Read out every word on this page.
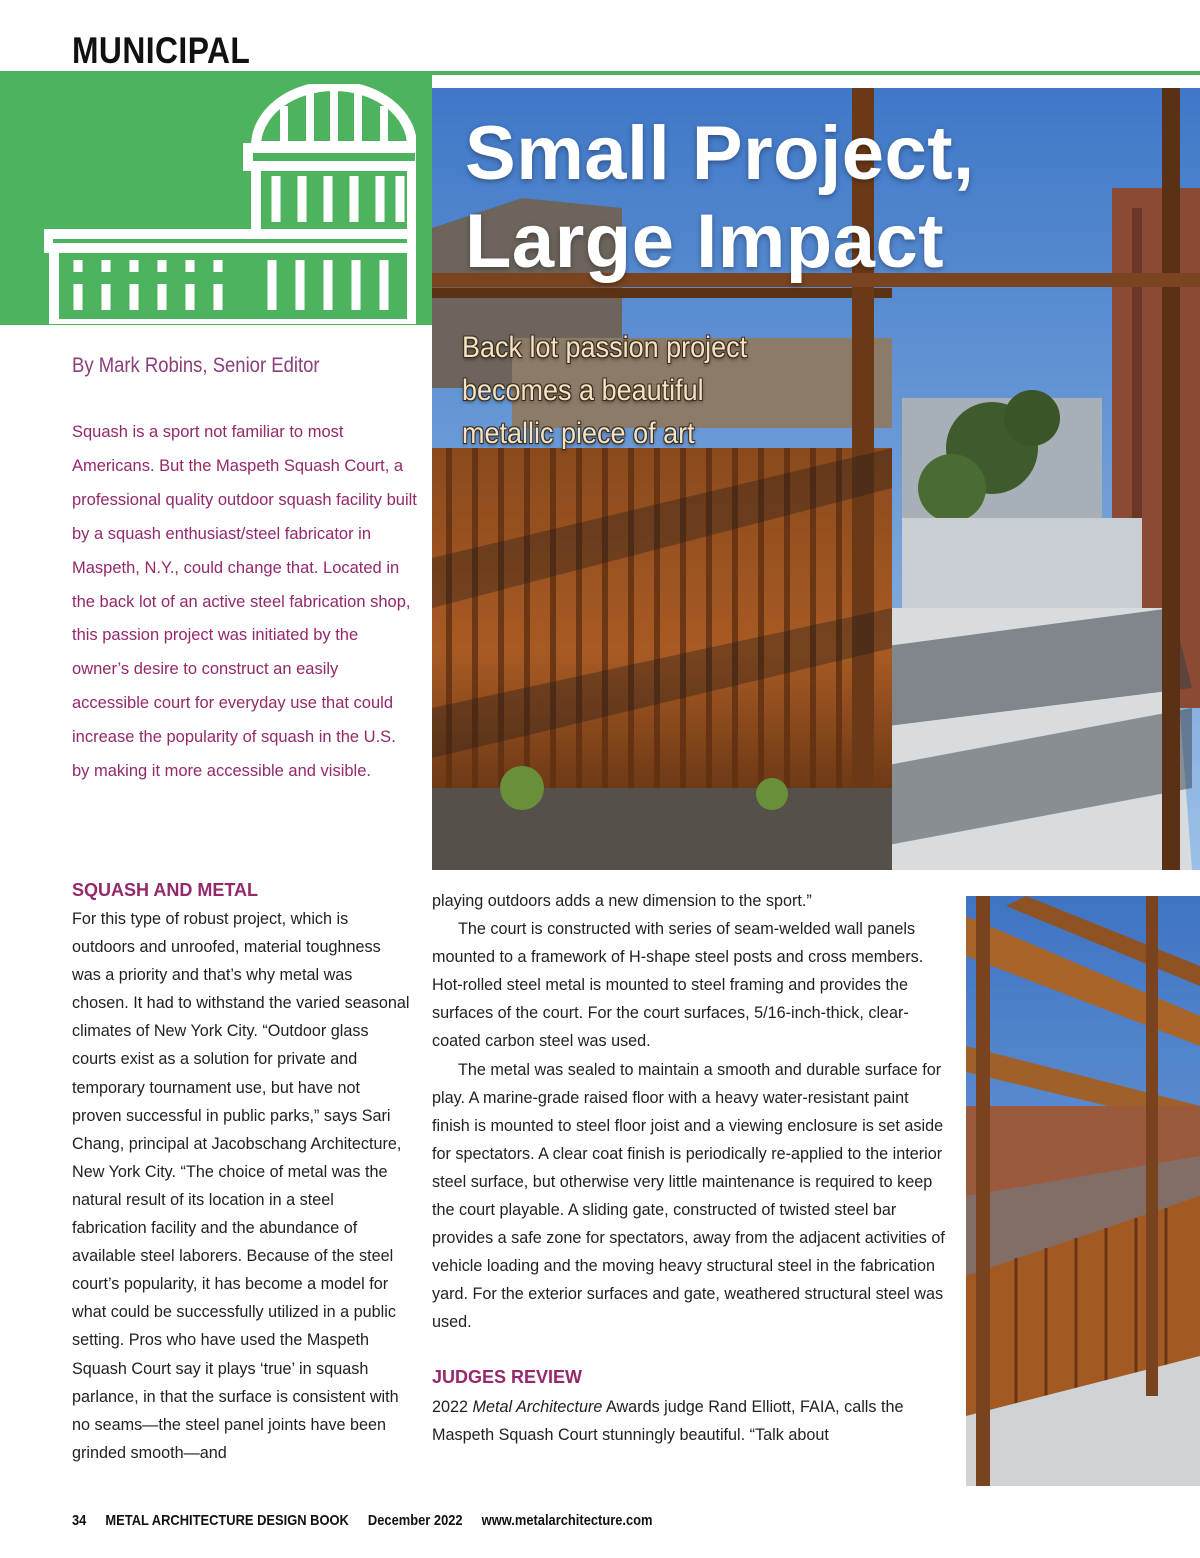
MUNICIPAL
Small Project,
Large Impact
Back lot passion project
becomes a beautiful
metallic piece of art
By Mark Robins, Senior Editor
Squash is a sport not familiar to most Americans. But the Maspeth Squash Court, a professional quality outdoor squash facility built by a squash enthusiast/steel fabricator in Maspeth, N.Y., could change that. Located in the back lot of an active steel fabrication shop, this passion project was initiated by the owner’s desire to construct an easily accessible court for everyday use that could increase the popularity of squash in the U.S. by making it more accessible and visible.
SQUASH AND METAL
For this type of robust project, which is outdoors and unroofed, material toughness was a priority and that’s why metal was chosen. It had to withstand the varied seasonal climates of New York City. “Outdoor glass courts exist as a solution for private and temporary tournament use, but have not proven successful in public parks,” says Sari Chang, principal at Jacobschang Architecture, New York City. “The choice of metal was the natural result of its location in a steel fabrication facility and the abundance of available steel laborers. Because of the steel court’s popularity, it has become a model for what could be successfully utilized in a public setting. Pros who have used the Maspeth Squash Court say it plays ‘true’ in squash parlance, in that the surface is consistent with no seams—the steel panel joints have been grinded smooth—and
playing outdoors adds a new dimension to the sport.”
The court is constructed with series of seam-welded wall panels mounted to a framework of H-shape steel posts and cross members. Hot-rolled steel metal is mounted to steel framing and provides the surfaces of the court. For the court surfaces, 5/16-inch-thick, clear-coated carbon steel was used.
The metal was sealed to maintain a smooth and durable surface for play. A marine-grade raised floor with a heavy water-resistant paint finish is mounted to steel floor joist and a viewing enclosure is set aside for spectators. A clear coat finish is periodically re-applied to the interior steel surface, but otherwise very little maintenance is required to keep the court playable. A sliding gate, constructed of twisted steel bar provides a safe zone for spectators, away from the adjacent activities of vehicle loading and the moving heavy structural steel in the fabrication yard. For the exterior surfaces and gate, weathered structural steel was used.
JUDGES REVIEW
2022 Metal Architecture Awards judge Rand Elliott, FAIA, calls the Maspeth Squash Court stunningly beautiful. “Talk about
34 METAL ARCHITECTURE DESIGN BOOK December 2022 www.metalarchitecture.com
